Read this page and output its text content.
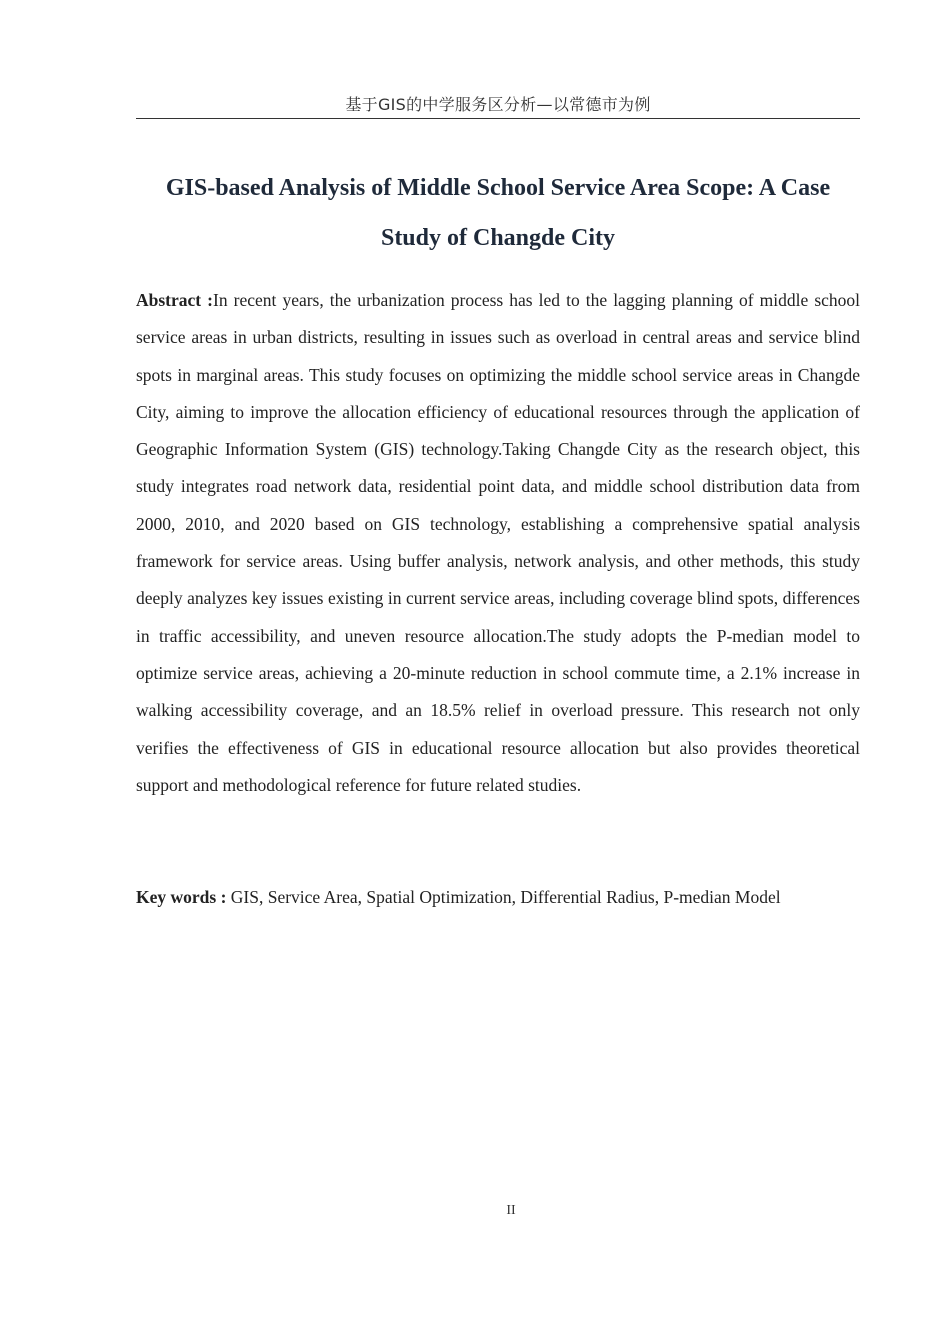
基于GIS的中学服务区分析—以常德市为例
GIS-based Analysis of Middle School Service Area Scope: A Case Study of Changde City

Abstract :In recent years, the urbanization process has led to the lagging planning of middle school service areas in urban districts, resulting in issues such as overload in central areas and service blind spots in marginal areas. This study focuses on optimizing the middle school service areas in Changde City, aiming to improve the allocation efficiency of educational resources through the application of Geographic Information System (GIS) technology.Taking Changde City as the research object, this study integrates road network data, residential point data, and middle school distribution data from 2000, 2010, and 2020 based on GIS technology, establishing a comprehensive spatial analysis framework for service areas. Using buffer analysis, network analysis, and other methods, this study deeply analyzes key issues existing in current service areas, including coverage blind spots, differences in traffic accessibility, and uneven resource allocation.The study adopts the P-median model to optimize service areas, achieving a 20-minute reduction in school commute time, a 2.1% increase in walking accessibility coverage, and an 18.5% relief in overload pressure. This research not only verifies the effectiveness of GIS in educational resource allocation but also provides theoretical support and methodological reference for future related studies.

Key words : GIS, Service Area, Spatial Optimization, Differential Radius, P-median Model

II
